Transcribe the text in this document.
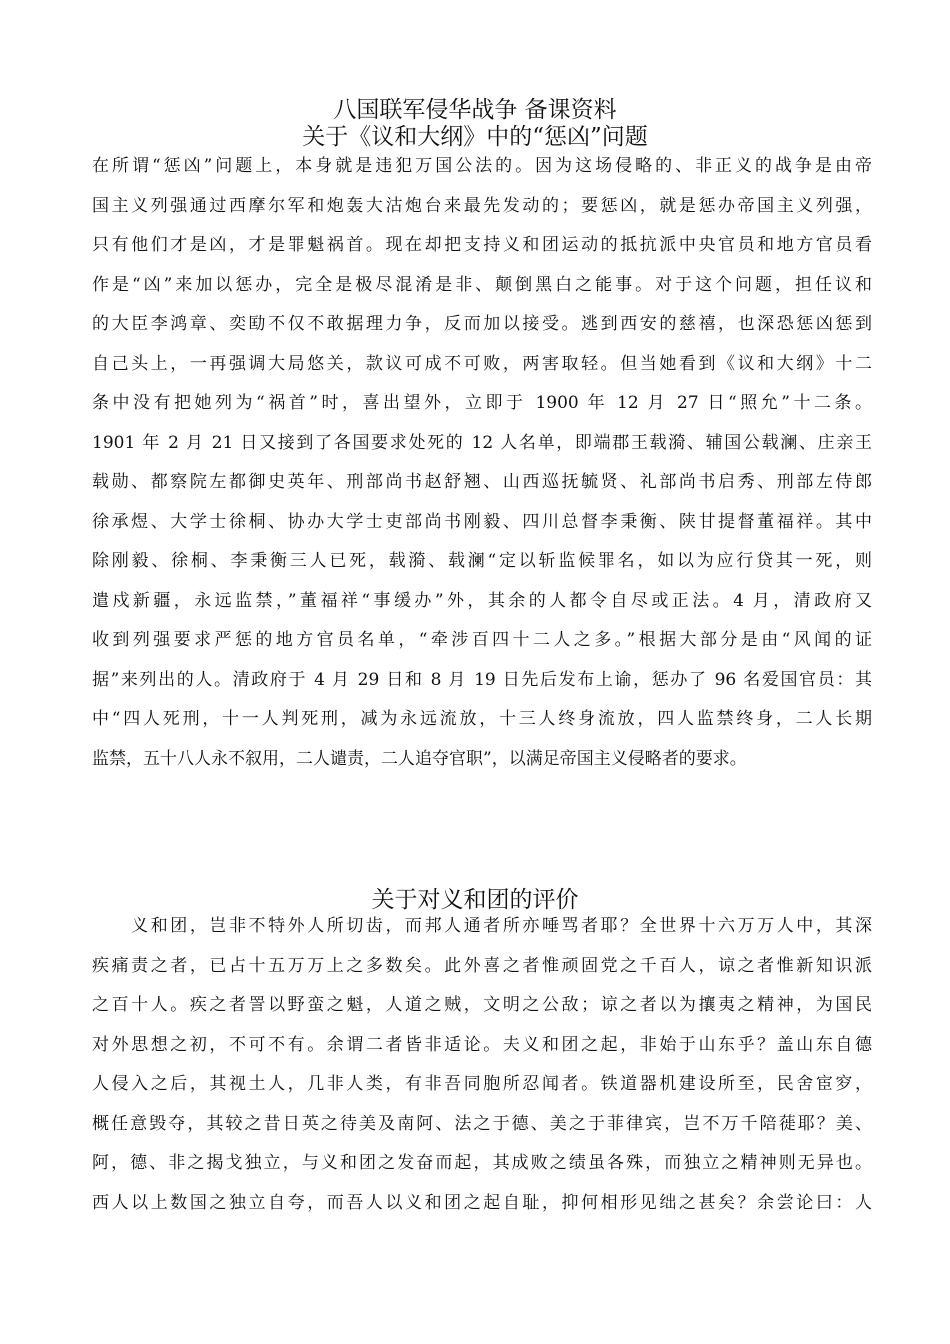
八国联军侵华战争 备课资料
关于《议和大纲》中的“惩凶”问题
在所谓“惩凶”问题上，本身就是违犯万国公法的。因为这场侵略的、非正义的战争是由帝
国主义列强通过西摩尔军和炮轰大沽炮台来最先发动的；要惩凶，就是惩办帝国主义列强，
只有他们才是凶，才是罪魁祸首。现在却把支持义和团运动的抵抗派中央官员和地方官员看
作是“凶”来加以惩办，完全是极尽混淆是非、颠倒黑白之能事。对于这个问题，担任议和
的大臣李鸿章、奕劻不仅不敢据理力争，反而加以接受。逃到西安的慈禧，也深恐惩凶惩到
自己头上，一再强调大局悠关，款议可成不可败，两害取轻。但当她看到《议和大纲》十二
条中没有把她列为“祸首”时，喜出望外，立即于 1900 年 12 月 27 日“照允”十二条。
1901 年 2 月 21 日又接到了各国要求处死的 12 人名单，即端郡王载漪、辅国公载澜、庄亲王
载勋、都察院左都御史英年、刑部尚书赵舒翘、山西巡抚毓贤、礼部尚书启秀、刑部左侍郎
徐承煜、大学士徐桐、协办大学士吏部尚书刚毅、四川总督李秉衡、陕甘提督董福祥。其中
除刚毅、徐桐、李秉衡三人已死，载漪、载澜“定以斩监候罪名，如以为应行贷其一死，则
遣戍新疆，永远监禁，”董福祥“事缓办”外，其余的人都令自尽或正法。4 月，清政府又
收到列强要求严惩的地方官员名单，“牵涉百四十二人之多。”根据大部分是由“风闻的证
据”来列出的人。清政府于 4 月 29 日和 8 月 19 日先后发布上谕，惩办了 96 名爱国官员：其
中“四人死刑，十一人判死刑，减为永远流放，十三人终身流放，四人监禁终身，二人长期
监禁，五十八人永不叙用，二人谴责，二人追夺官职”，以满足帝国主义侵略者的要求。
关于对义和团的评价
　　义和团，岂非不特外人所切齿，而邦人通者所亦唾骂者耶？全世界十六万万人中，其深
疾痛责之者，已占十五万万上之多数矣。此外喜之者惟顽固党之千百人，谅之者惟新知识派
之百十人。疾之者詈以野蛮之魁，人道之贼，文明之公敌；谅之者以为攘夷之精神，为国民
对外思想之初，不可不有。余谓二者皆非适论。夫义和团之起，非始于山东乎？盖山东自德
人侵入之后，其视土人，几非人类，有非吾同胞所忍闻者。铁道器机建设所至，民舍宦穸，
概任意毁夺，其较之昔日英之待美及南阿、法之于德、美之于菲律宾，岂不万千陪蓰耶？美、
阿，德、非之揭戈独立，与义和团之发奋而起，其成败之绩虽各殊，而独立之精神则无异也。
西人以上数国之独立自夸，而吾人以义和团之起自耻，抑何相形见绌之甚矣？余尝论曰：人
